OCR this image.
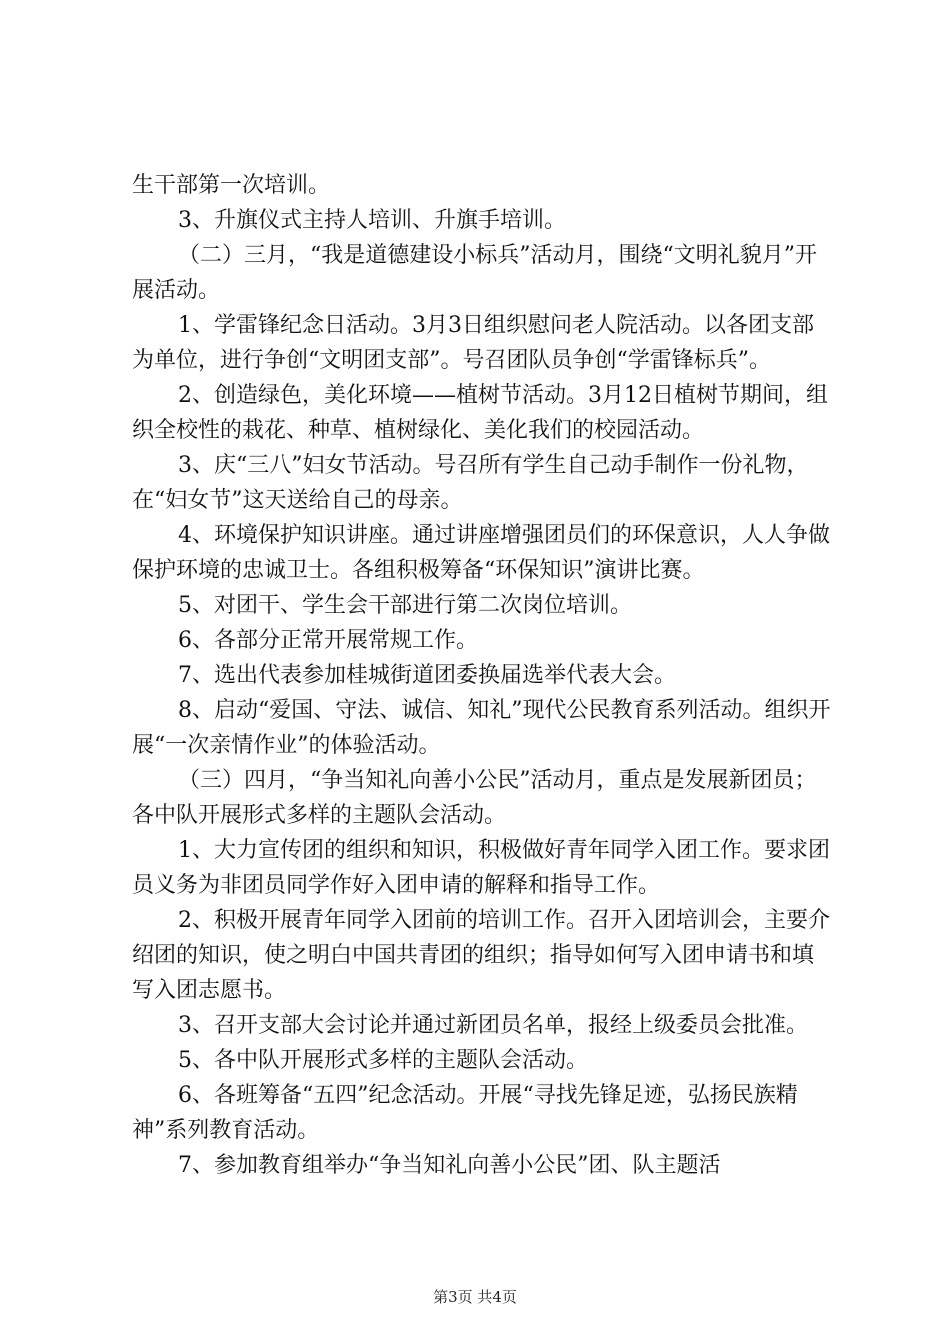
生干部第一次培训。

3、升旗仪式主持人培训、升旗手培训。

（二）三月，“我是道德建设小标兵”活动月，围绕“文明礼貌月”开展活动。

1、学雷锋纪念日活动。3月3日组织慰问老人院活动。以各团支部为单位，进行争创“文明团支部”。号召团队员争创“学雷锋标兵”。

2、创造绿色，美化环境——植树节活动。3月12日植树节期间，组织全校性的栽花、种草、植树绿化、美化我们的校园活动。

3、庆“三八”妇女节活动。号召所有学生自己动手制作一份礼物，在“妇女节”这天送给自己的母亲。

4、环境保护知识讲座。通过讲座增强团员们的环保意识，人人争做保护环境的忠诚卫士。各组积极筹备“环保知识”演讲比赛。

5、对团干、学生会干部进行第二次岗位培训。

6、各部分正常开展常规工作。

7、选出代表参加桂城街道团委换届选举代表大会。

8、启动“爱国、守法、诚信、知礼”现代公民教育系列活动。组织开展“一次亲情作业”的体验活动。

（三）四月，“争当知礼向善小公民”活动月，重点是发展新团员；各中队开展形式多样的主题队会活动。

1、大力宣传团的组织和知识，积极做好青年同学入团工作。要求团员义务为非团员同学作好入团申请的解释和指导工作。

2、积极开展青年同学入团前的培训工作。召开入团培训会，主要介绍团的知识，使之明白中国共青团的组织；指导如何写入团申请书和填写入团志愿书。

3、召开支部大会讨论并通过新团员名单，报经上级委员会批准。

5、各中队开展形式多样的主题队会活动。

6、各班筹备“五四”纪念活动。开展“寻找先锋足迹，弘扬民族精神”系列教育活动。

7、参加教育组举办“争当知礼向善小公民”团、队主题活

第3页 共4页
